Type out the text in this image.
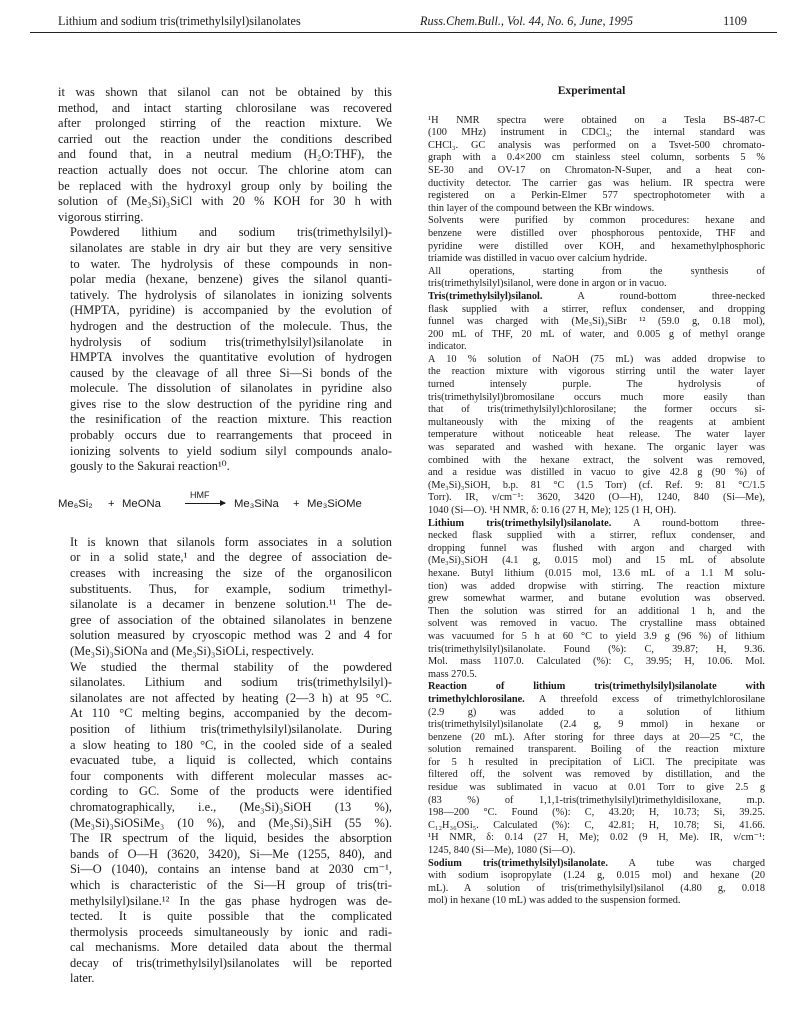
Lithium and sodium tris(trimethylsilyl)silanolates	Russ.Chem.Bull., Vol. 44, No. 6, June, 1995	1109

it was shown that silanol can not be obtained by this
method, and intact starting chlorosilane was recovered
after prolonged stirring of the reaction mixture. We
carried out the reaction under the conditions described
and found that, in a neutral medium (H₂O:THF), the
reaction actually does not occur. The chlorine atom can
be replaced with the hydroxyl group only by boiling the
solution of (Me₃Si)₃SiCl with 20 % KOH for 30 h with
vigorous stirring.

Powdered lithium and sodium tris(trimethylsilyl)-
silanolates are stable in dry air but they are very sensitive
to water. The hydrolysis of these compounds in non-
polar media (hexane, benzene) gives the silanol quanti-
tatively. The hydrolysis of silanolates in ionizing solvents
(HMPTA, pyridine) is accompanied by the evolution of
hydrogen and the destruction of the molecule. Thus, the
hydrolysis of sodium tris(trimethylsilyl)silanolate in
HMPTA involves the quantitative evolution of hydrogen
caused by the cleavage of all three Si—Si bonds of the
molecule. The dissolution of silanolates in pyridine also
gives rise to the slow destruction of the pyridine ring and
the resinification of the reaction mixture. This reaction
probably occurs due to rearrangements that proceed in
ionizing solvents to yield sodium silyl compounds analo-
gously to the Sakurai reaction¹⁰.

Me₆Si₂ + MeONa
HMF
→ Me₃SiNa + Me₃SiOMe

It is known that silanols form associates in a solution
or in a solid state,¹ and the degree of association de-
creases with increasing the size of the organosilicon
substituents. Thus, for example, sodium trimethyl-
silanolate is a decamer in benzene solution.¹¹ The de-
gree of association of the obtained silanolates in benzene
solution measured by cryoscopic method was 2 and 4 for
(Me₃Si)₃SiONa and (Me₃Si)₃SiOLi, respectively.

We studied the thermal stability of the powdered
silanolates. Lithium and sodium tris(trimethylsilyl)-
silanolates are not affected by heating (2—3 h) at 95 °C.
At 110 °C melting begins, accompanied by the decom-
position of lithium tris(trimethylsilyl)silanolate. During
a slow heating to 180 °C, in the cooled side of a sealed
evacuated tube, a liquid is collected, which contains
four components with different molecular masses ac-
cording to GC. Some of the products were identified
chromatographically, i.e., (Me₃Si)₃SiOH (13 %),
(Me₃Si)₃SiOSiMe₃ (10 %), and (Me₃Si)₃SiH (55 %).
The IR spectrum of the liquid, besides the absorption
bands of O—H (3620, 3420), Si—Me (1255, 840), and
Si—O (1040), contains an intense band at 2030 cm⁻¹,
which is characteristic of the Si—H group of tris(tri-
methylsilyl)silane.¹² In the gas phase hydrogen was de-
tected. It is quite possible that the complicated
thermolysis proceeds simultaneously by ionic and radi-
cal mechanisms. More detailed data about the thermal
decay of tris(trimethylsilyl)silanolates will be reported
later.

Experimental

¹H NMR spectra were obtained on a Tesla BS-487-C
(100 MHz) instrument in CDCl₃; the internal standard was
CHCl₃. GC analysis was performed on a Tsvet-500 chromato-
graph with a 0.4×200 cm stainless steel column, sorbents 5 %
SE-30 and OV-17 on Chromaton-N-Super, and a heat con-
ductivity detector. The carrier gas was helium. IR spectra were
registered on a Perkin-Elmer 577 spectrophotometer with a
thin layer of the compound between the KBr windows.

Solvents were purified by common procedures: hexane and
benzene were distilled over phosphorous pentoxide, THF and
pyridine were distilled over KOH, and hexamethylphosphoric
triamide was distilled in vacuo over calcium hydride.

All operations, starting from the synthesis of
tris(trimethylsilyl)silanol, were done in argon or in vacuo.

Tris(trimethylsilyl)silanol. A round-bottom three-necked
flask supplied with a stirrer, reflux condenser, and dropping
funnel was charged with (Me₃Si)₃SiBr ¹² (59.0 g, 0.18 mol),
200 mL of THF, 20 mL of water, and 0.005 g of methyl orange
indicator.

A 10 % solution of NaOH (75 mL) was added dropwise to
the reaction mixture with vigorous stirring until the water layer
turned intensely purple. The hydrolysis of
tris(trimethylsilyl)bromosilane occurs much more easily than
that of tris(trimethylsilyl)chlorosilane; the former occurs si-
multaneously with the mixing of the reagents at ambient
temperature without noticeable heat release. The water layer
was separated and washed with hexane. The organic layer was
combined with the hexane extract, the solvent was removed,
and a residue was distilled in vacuo to give 42.8 g (90 %) of
(Me₃Si)₃SiOH, b.p. 81 °C (1.5 Torr) (cf. Ref. 9: 81 °C/1.5
Torr). IR, ν/cm⁻¹: 3620, 3420 (O—H), 1240, 840 (Si—Me),
1040 (Si—O). ¹H NMR, δ: 0.16 (27 H, Me); 125 (1 H, OH).

Lithium tris(trimethylsilyl)silanolate. A round-bottom three-
necked flask supplied with a stirrer, reflux condenser, and
dropping funnel was flushed with argon and charged with
(Me₃Si)₃SiOH (4.1 g, 0.015 mol) and 15 mL of absolute
hexane. Butyl lithium (0.015 mol, 13.6 mL of a 1.1 M solu-
tion) was added dropwise with stirring. The reaction mixture
grew somewhat warmer, and butane evolution was observed.
Then the solution was stirred for an additional 1 h, and the
solvent was removed in vacuo. The crystalline mass obtained
was vacuumed for 5 h at 60 °C to yield 3.9 g (96 %) of lithium
tris(trimethylsilyl)silanolate. Found (%): C, 39.87; H, 9.36.
Mol. mass 1107.0. Calculated (%): C, 39.95; H, 10.06. Mol.
mass 270.5.

Reaction of lithium tris(trimethylsilyl)silanolate with
trimethylchlorosilane. A threefold excess of trimethylchlorosilane
(2.9 g) was added to a solution of lithium
tris(trimethylsilyl)silanolate (2.4 g, 9 mmol) in hexane or
benzene (20 mL). After storing for three days at 20—25 °C, the
solution remained transparent. Boiling of the reaction mixture
for 5 h resulted in precipitation of LiCl. The precipitate was
filtered off, the solvent was removed by distillation, and the
residue was sublimated in vacuo at 0.01 Torr to give 2.5 g
(83 %) of 1,1,1-tris(trimethylsilyl)trimethyldisiloxane, m.p.
198—200 °C. Found (%): C, 43.20; H, 10.73; Si, 39.25.
C₁₂H₃₆OSi₅. Calculated (%): C, 42.81; H, 10.78; Si, 41.66.
¹H NMR, δ: 0.14 (27 H, Me); 0.02 (9 H, Me). IR, ν/cm⁻¹:
1245, 840 (Si—Me), 1080 (Si—O).

Sodium tris(trimethylsilyl)silanolate. A tube was charged
with sodium isopropylate (1.24 g, 0.015 mol) and hexane (20
mL). A solution of tris(trimethylsilyl)silanol (4.80 g, 0.018
mol) in hexane (10 mL) was added to the suspension formed.
